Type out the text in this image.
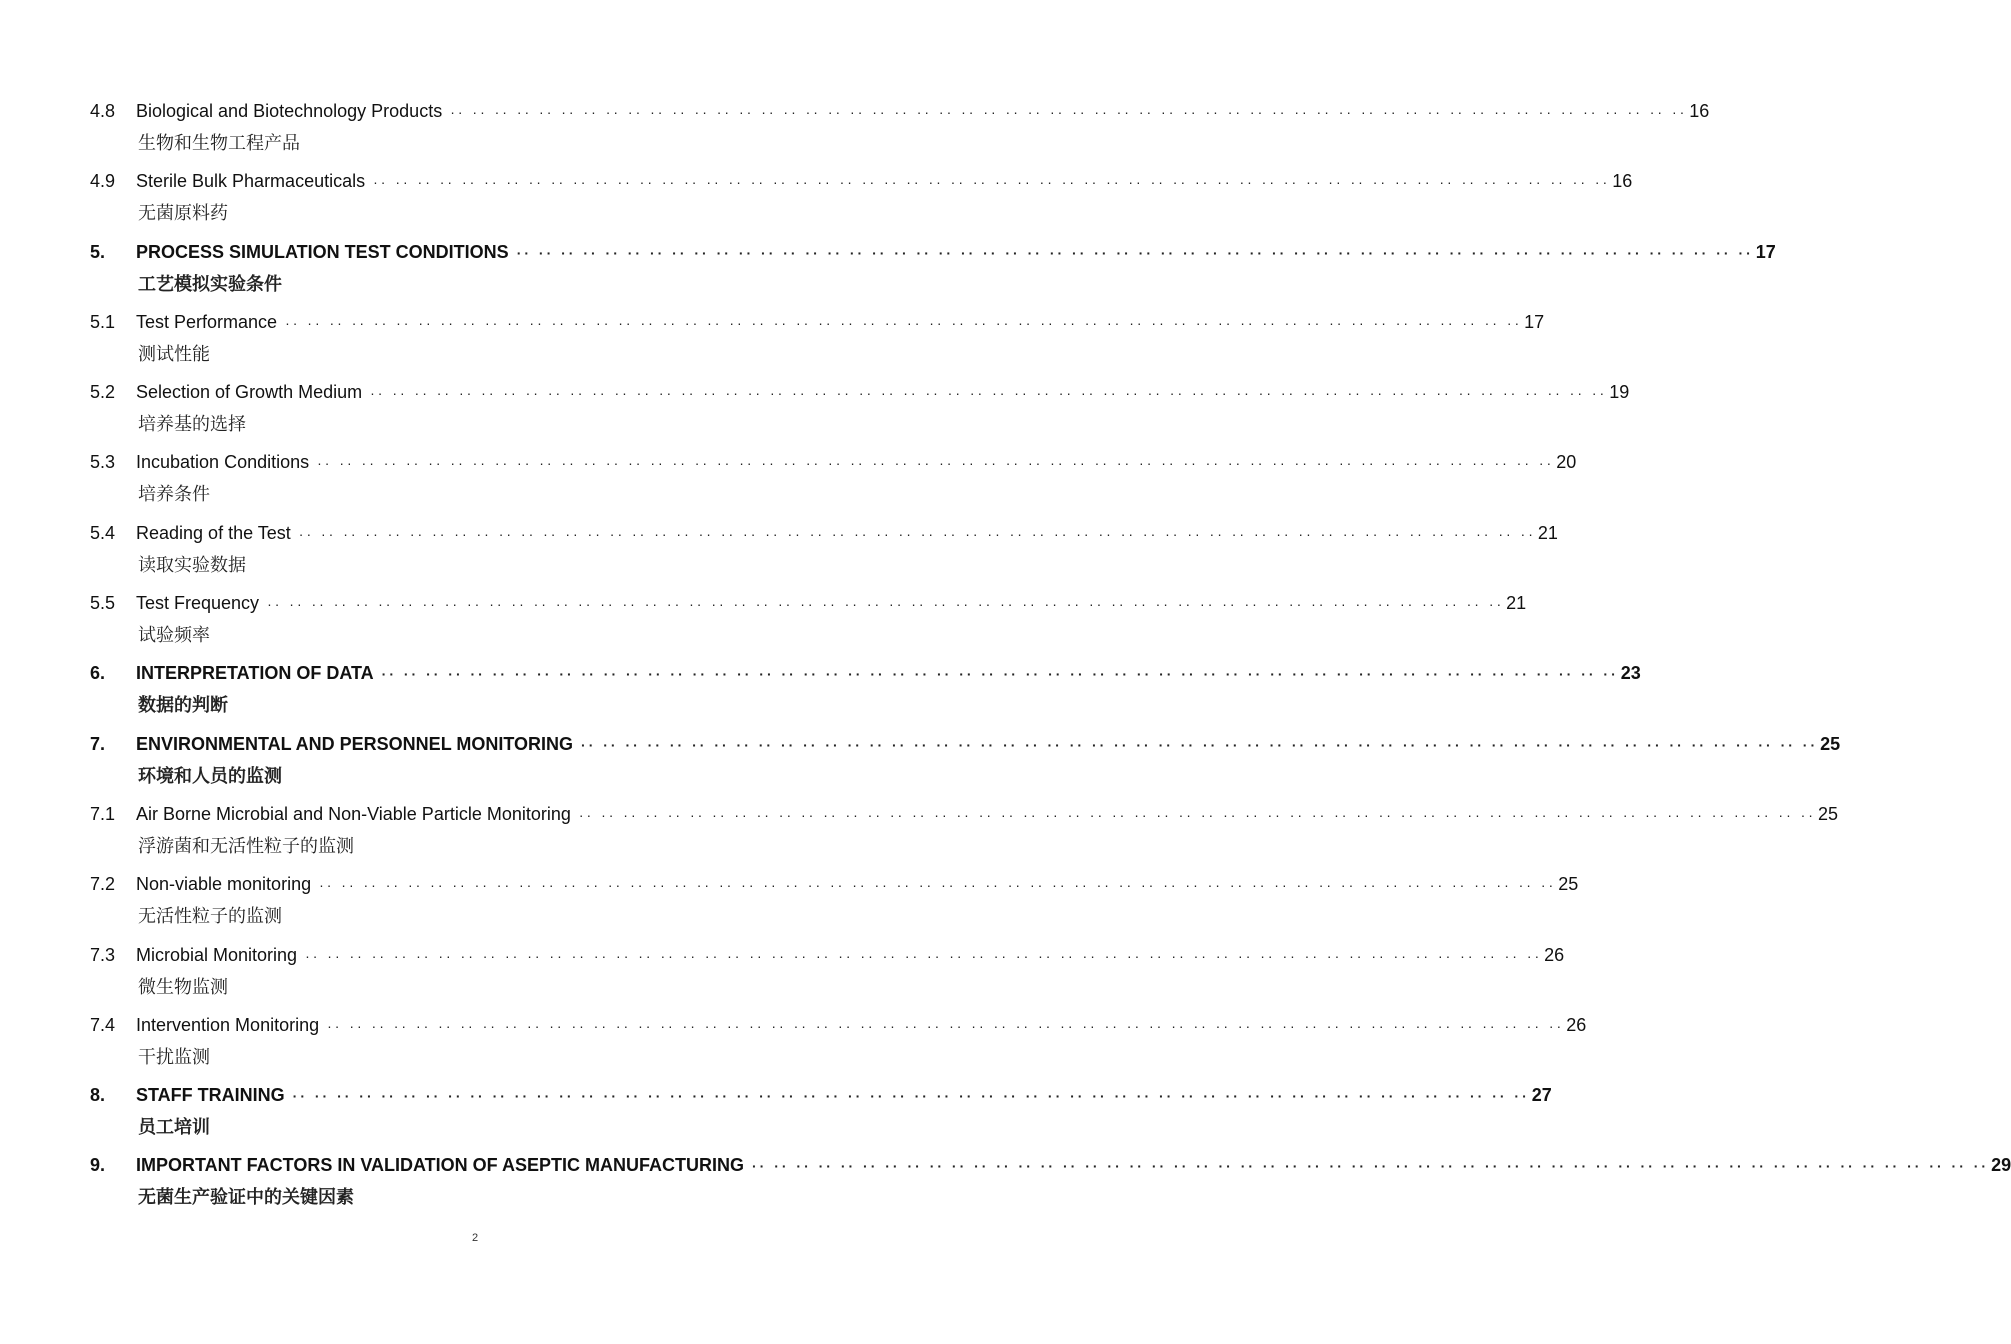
4.8	Biological and Biotechnology Products ·· ·· ·· ·· ·· ·· ·· ·· ·· ·· ·· ·· ·· ·· ·· ·· ·· ·· ·· ·· ·· ·· ·· ·· ·· ·· ·· ·· ·· ·· ·· ·· ·· ·· ·· ·· ·· ·· ·· ·· ·· ·· ·· ·· ·· ·· ·· ·· ·· ·· ·· ·· ·· ·· ·· ·· 16
生物和生物工程产品
4.9	Sterile Bulk Pharmaceuticals ·· ·· ·· ·· ·· ·· ·· ·· ·· ·· ·· ·· ·· ·· ·· ·· ·· ·· ·· ·· ·· ·· ·· ·· ·· ·· ·· ·· ·· ·· ·· ·· ·· ·· ·· ·· ·· ·· ·· ·· ·· ·· ·· ·· ·· ·· ·· ·· ·· ·· ·· ·· ·· ·· ·· ·· 16
无菌原料药
5.	PROCESS SIMULATION TEST CONDITIONS ·· ·· ·· ·· ·· ·· ·· ·· ·· ·· ·· ·· ·· ·· ·· ·· ·· ·· ·· ·· ·· ·· ·· ·· ·· ·· ·· ·· ·· ·· ·· ·· ·· ·· ·· ·· ·· ·· ·· ·· ·· ·· ·· ·· ·· ·· ·· ·· ·· ·· ·· ·· ·· ·· ·· ·· 17
工艺模拟实验条件
5.1	Test Performance ·· ·· ·· ·· ·· ·· ·· ·· ·· ·· ·· ·· ·· ·· ·· ·· ·· ·· ·· ·· ·· ·· ·· ·· ·· ·· ·· ·· ·· ·· ·· ·· ·· ·· ·· ·· ·· ·· ·· ·· ·· ·· ·· ·· ·· ·· ·· ·· ·· ·· ·· ·· ·· ·· ·· ·· 17
测试性能
5.2	Selection of Growth Medium ·· ·· ·· ·· ·· ·· ·· ·· ·· ·· ·· ·· ·· ·· ·· ·· ·· ·· ·· ·· ·· ·· ·· ·· ·· ·· ·· ·· ·· ·· ·· ·· ·· ·· ·· ·· ·· ·· ·· ·· ·· ·· ·· ·· ·· ·· ·· ·· ·· ·· ·· ·· ·· ·· ·· ·· 19
培养基的选择
5.3	Incubation Conditions ·· ·· ·· ·· ·· ·· ·· ·· ·· ·· ·· ·· ·· ·· ·· ·· ·· ·· ·· ·· ·· ·· ·· ·· ·· ·· ·· ·· ·· ·· ·· ·· ·· ·· ·· ·· ·· ·· ·· ·· ·· ·· ·· ·· ·· ·· ·· ·· ·· ·· ·· ·· ·· ·· ·· ·· 20
培养条件
5.4	Reading of the Test ·· ·· ·· ·· ·· ·· ·· ·· ·· ·· ·· ·· ·· ·· ·· ·· ·· ·· ·· ·· ·· ·· ·· ·· ·· ·· ·· ·· ·· ·· ·· ·· ·· ·· ·· ·· ·· ·· ·· ·· ·· ·· ·· ·· ·· ·· ·· ·· ·· ·· ·· ·· ·· ·· ·· ·· 21
读取实验数据
5.5	Test Frequency ·· ·· ·· ·· ·· ·· ·· ·· ·· ·· ·· ·· ·· ·· ·· ·· ·· ·· ·· ·· ·· ·· ·· ·· ·· ·· ·· ·· ·· ·· ·· ·· ·· ·· ·· ·· ·· ·· ·· ·· ·· ·· ·· ·· ·· ·· ·· ·· ·· ·· ·· ·· ·· ·· ·· ·· 21
试验频率
6.	INTERPRETATION OF DATA ·· ·· ·· ·· ·· ·· ·· ·· ·· ·· ·· ·· ·· ·· ·· ·· ·· ·· ·· ·· ·· ·· ·· ·· ·· ·· ·· ·· ·· ·· ·· ·· ·· ·· ·· ·· ·· ·· ·· ·· ·· ·· ·· ·· ·· ·· ·· ·· ·· ·· ·· ·· ·· ·· ·· ·· 23
数据的判断
7.	ENVIRONMENTAL AND PERSONNEL MONITORING ·· ·· ·· ·· ·· ·· ·· ·· ·· ·· ·· ·· ·· ·· ·· ·· ·· ·· ·· ·· ·· ·· ·· ·· ·· ·· ·· ·· ·· ·· ·· ·· ·· ·· ·· ·· ·· ·· ·· ·· ·· ·· ·· ·· ·· ·· ·· ·· ·· ·· ·· ·· ·· ·· ·· ·· 25
环境和人员的监测
7.1	Air Borne Microbial and Non-Viable Particle Monitoring ·· ·· ·· ·· ·· ·· ·· ·· ·· ·· ·· ·· ·· ·· ·· ·· ·· ·· ·· ·· ·· ·· ·· ·· ·· ·· ·· ·· ·· ·· ·· ·· ·· ·· ·· ·· ·· ·· ·· ·· ·· ·· ·· ·· ·· ·· ·· ·· ·· ·· ·· ·· ·· ·· ·· ·· 25
浮游菌和无活性粒子的监测
7.2	Non-viable monitoring ·· ·· ·· ·· ·· ·· ·· ·· ·· ·· ·· ·· ·· ·· ·· ·· ·· ·· ·· ·· ·· ·· ·· ·· ·· ·· ·· ·· ·· ·· ·· ·· ·· ·· ·· ·· ·· ·· ·· ·· ·· ·· ·· ·· ·· ·· ·· ·· ·· ·· ·· ·· ·· ·· ·· ·· 25
无活性粒子的监测
7.3	Microbial Monitoring ·· ·· ·· ·· ·· ·· ·· ·· ·· ·· ·· ·· ·· ·· ·· ·· ·· ·· ·· ·· ·· ·· ·· ·· ·· ·· ·· ·· ·· ·· ·· ·· ·· ·· ·· ·· ·· ·· ·· ·· ·· ·· ·· ·· ·· ·· ·· ·· ·· ·· ·· ·· ·· ·· ·· ·· 26
微生物监测
7.4	Intervention Monitoring ·· ·· ·· ·· ·· ·· ·· ·· ·· ·· ·· ·· ·· ·· ·· ·· ·· ·· ·· ·· ·· ·· ·· ·· ·· ·· ·· ·· ·· ·· ·· ·· ·· ·· ·· ·· ·· ·· ·· ·· ·· ·· ·· ·· ·· ·· ·· ·· ·· ·· ·· ·· ·· ·· ·· ·· 26
干扰监测
8.	STAFF TRAINING ·· ·· ·· ·· ·· ·· ·· ·· ·· ·· ·· ·· ·· ·· ·· ·· ·· ·· ·· ·· ·· ·· ·· ·· ·· ·· ·· ·· ·· ·· ·· ·· ·· ·· ·· ·· ·· ·· ·· ·· ·· ·· ·· ·· ·· ·· ·· ·· ·· ·· ·· ·· ·· ·· ·· ·· 27
员工培训
9.	IMPORTANT FACTORS IN VALIDATION OF ASEPTIC MANUFACTURING ·· ·· ·· ·· ·· ·· ·· ·· ·· ·· ·· ·· ·· ·· ·· ·· ·· ·· ·· ·· ·· ·· ·· ·· ·· ·· ·· ·· ·· ·· ·· ·· ·· ·· ·· ·· ·· ·· ·· ·· ·· ·· ·· ·· ·· ·· ·· ·· ·· ·· ·· ·· ·· ·· ·· ·· 29
无菌生产验证中的关键因素
2
